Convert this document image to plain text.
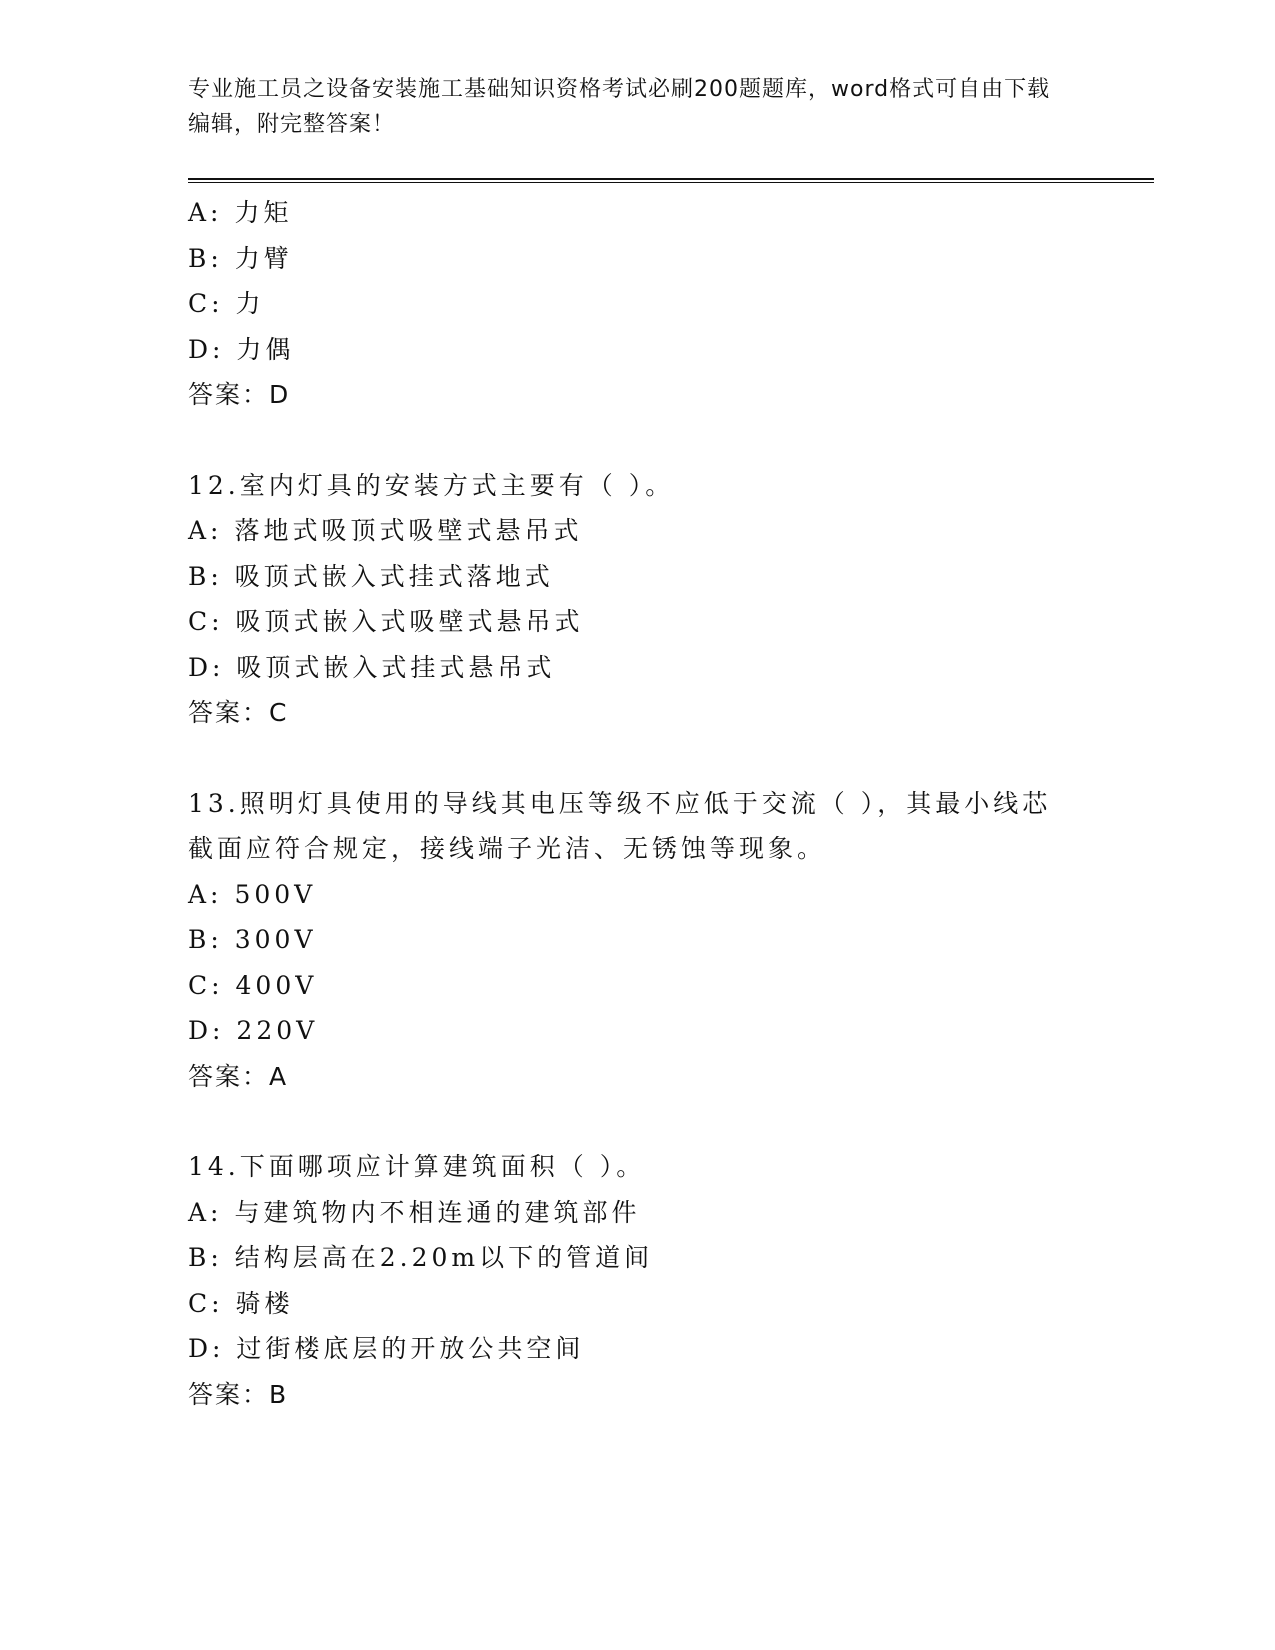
专业施工员之设备安装施工基础知识资格考试必刷200题题库，word格式可自由下载编辑，附完整答案！
A: 力矩
B: 力臂
C: 力
D: 力偶
答案：D
12.室内灯具的安装方式主要有（ ）。
A: 落地式吸顶式吸壁式悬吊式
B: 吸顶式嵌入式挂式落地式
C: 吸顶式嵌入式吸壁式悬吊式
D: 吸顶式嵌入式挂式悬吊式
答案：C
13.照明灯具使用的导线其电压等级不应低于交流（ ），其最小线芯截面应符合规定，接线端子光洁、无锈蚀等现象。
A: 500V
B: 300V
C: 400V
D: 220V
答案：A
14.下面哪项应计算建筑面积（ ）。
A: 与建筑物内不相连通的建筑部件
B: 结构层高在2.20m以下的管道间
C: 骑楼
D: 过街楼底层的开放公共空间
答案：B
